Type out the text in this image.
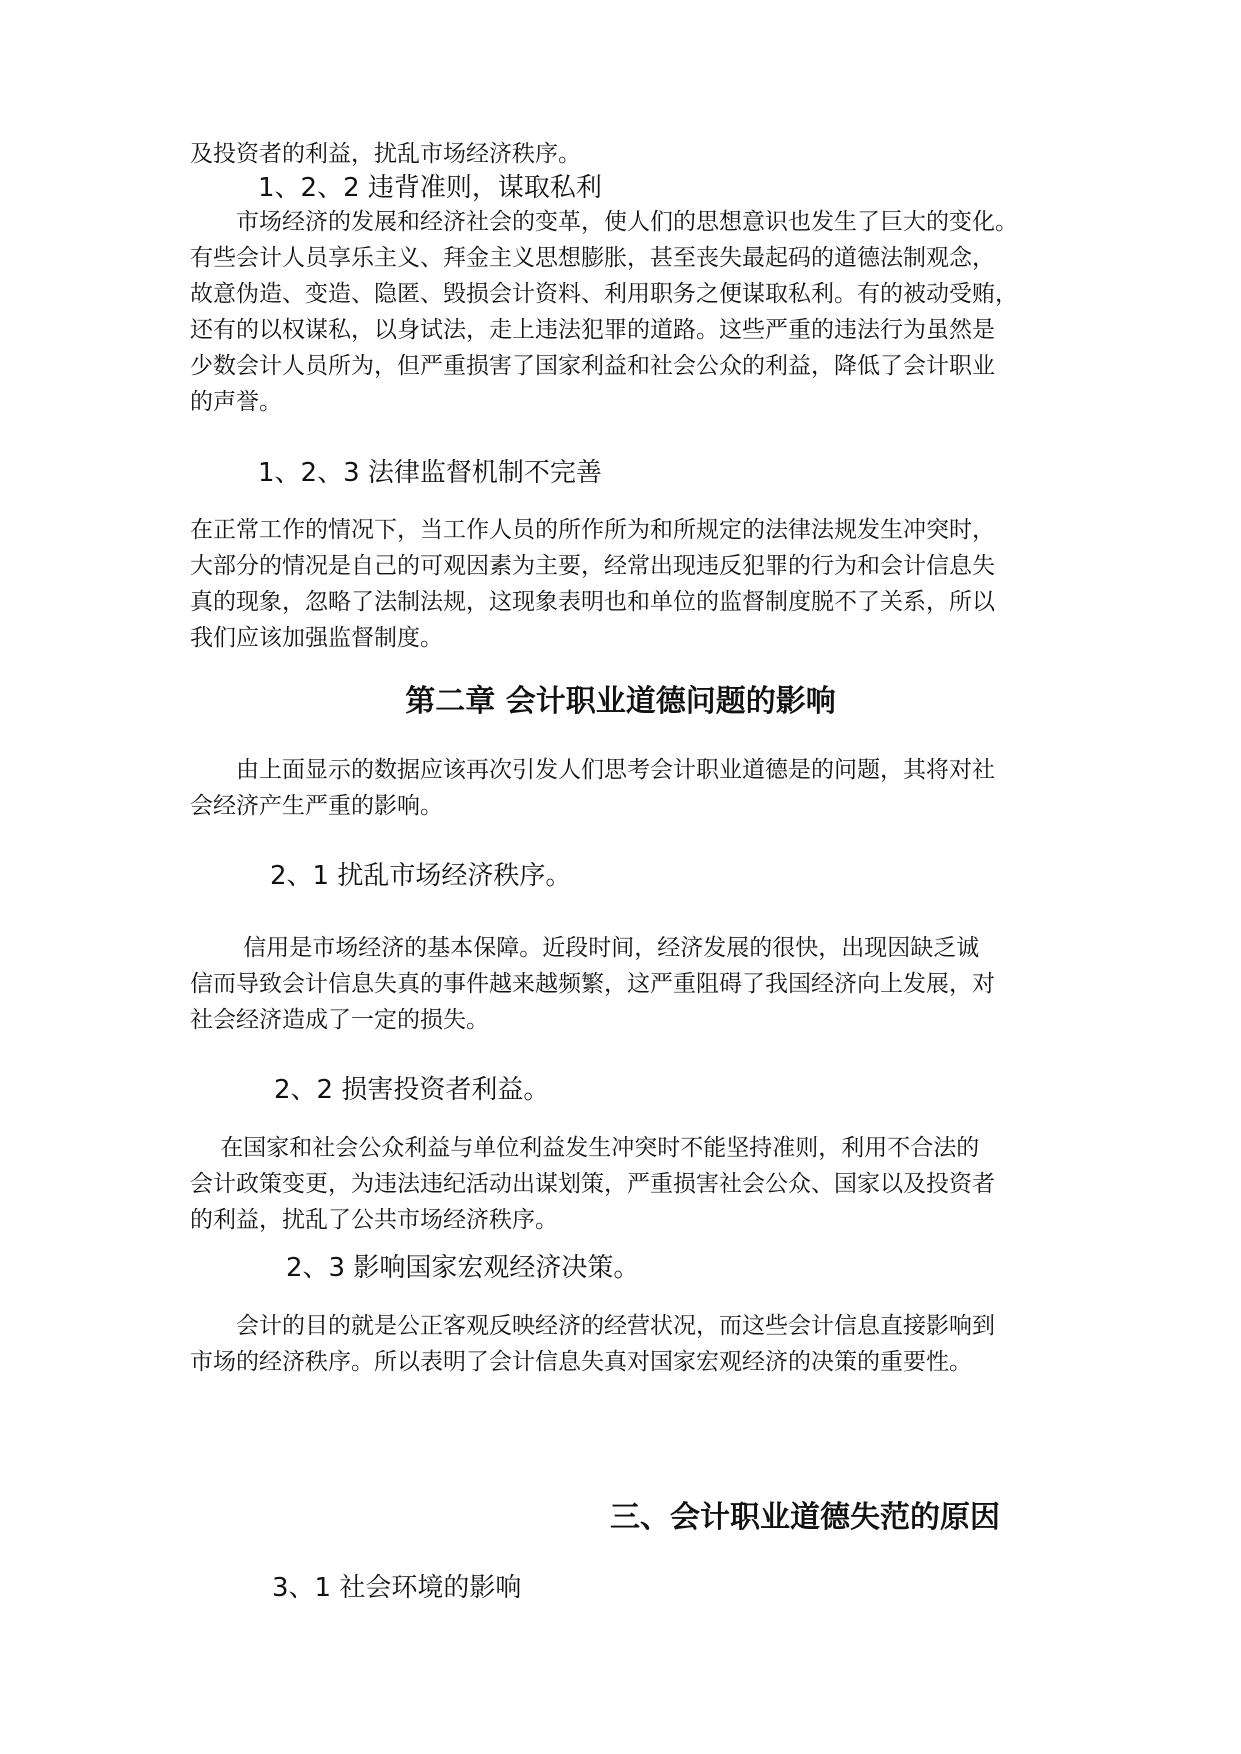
及投资者的利益，扰乱市场经济秩序。

1、2、2 违背准则，谋取私利

　　市场经济的发展和经济社会的变革，使人们的思想意识也发生了巨大的变化。

有些会计人员享乐主义、拜金主义思想膨胀，甚至丧失最起码的道德法制观念，

故意伪造、变造、隐匿、毁损会计资料、利用职务之便谋取私利。有的被动受贿，

还有的以权谋私，以身试法，走上违法犯罪的道路。这些严重的违法行为虽然是

少数会计人员所为，但严重损害了国家利益和社会公众的利益，降低了会计职业

的声誉。

1、2、3 法律监督机制不完善

在正常工作的情况下，当工作人员的所作所为和所规定的法律法规发生冲突时，

大部分的情况是自己的可观因素为主要，经常出现违反犯罪的行为和会计信息失

真的现象，忽略了法制法规，这现象表明也和单位的监督制度脱不了关系，所以

我们应该加强监督制度。

第二章 会计职业道德问题的影响

　　由上面显示的数据应该再次引发人们思考会计职业道德是的问题，其将对社

会经济产生严重的影响。

2、1 扰乱市场经济秩序。

　　 信用是市场经济的基本保障。近段时间，经济发展的很快，出现因缺乏诚

信而导致会计信息失真的事件越来越频繁，这严重阻碍了我国经济向上发展，对

社会经济造成了一定的损失。

2、2 损害投资者利益。

　 在国家和社会公众利益与单位利益发生冲突时不能坚持准则，利用不合法的

会计政策变更，为违法违纪活动出谋划策，严重损害社会公众、国家以及投资者

的利益，扰乱了公共市场经济秩序。

2、3 影响国家宏观经济决策。

　　会计的目的就是公正客观反映经济的经营状况，而这些会计信息直接影响到

市场的经济秩序。所以表明了会计信息失真对国家宏观经济的决策的重要性。

三、会计职业道德失范的原因
3、1 社会环境的影响
